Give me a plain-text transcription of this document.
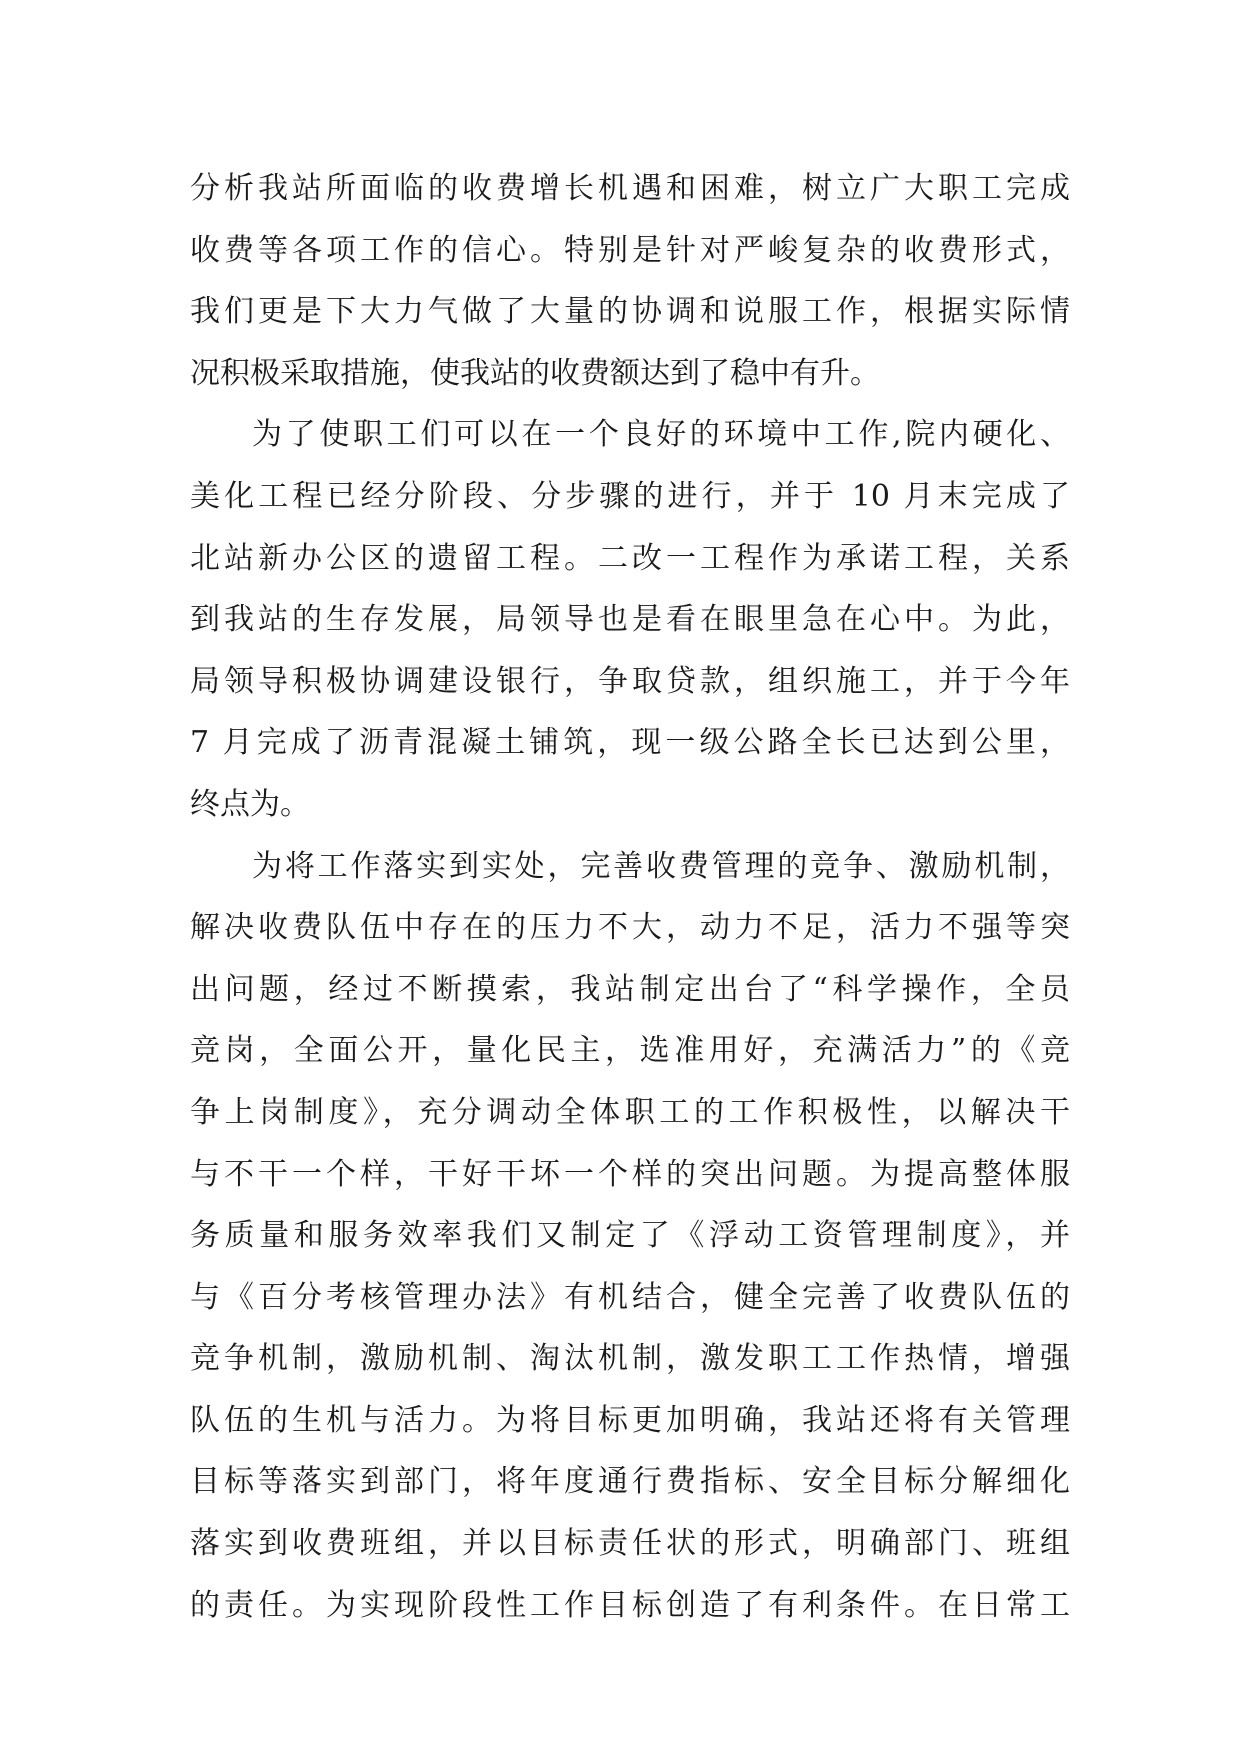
分析我站所面临的收费增长机遇和困难，树立广大职工完成
收费等各项工作的信心。特别是针对严峻复杂的收费形式，
我们更是下大力气做了大量的协调和说服工作，根据实际情
况积极采取措施，使我站的收费额达到了稳中有升。
为了使职工们可以在一个良好的环境中工作,院内硬化、
美化工程已经分阶段、分步骤的进行，并于 10 月末完成了
北站新办公区的遗留工程。二改一工程作为承诺工程，关系
到我站的生存发展，局领导也是看在眼里急在心中。为此，
局领导积极协调建设银行，争取贷款，组织施工，并于今年
7 月完成了沥青混凝土铺筑，现一级公路全长已达到公里，
终点为。
为将工作落实到实处，完善收费管理的竞争、激励机制，
解决收费队伍中存在的压力不大，动力不足，活力不强等突
出问题，经过不断摸索，我站制定出台了“科学操作，全员
竞岗，全面公开，量化民主，选准用好，充满活力”的《竞
争上岗制度》，充分调动全体职工的工作积极性，以解决干
与不干一个样，干好干坏一个样的突出问题。为提高整体服
务质量和服务效率我们又制定了《浮动工资管理制度》，并
与《百分考核管理办法》有机结合，健全完善了收费队伍的
竞争机制，激励机制、淘汰机制，激发职工工作热情，增强
队伍的生机与活力。为将目标更加明确，我站还将有关管理
目标等落实到部门，将年度通行费指标、安全目标分解细化
落实到收费班组，并以目标责任状的形式，明确部门、班组
的责任。为实现阶段性工作目标创造了有利条件。在日常工
